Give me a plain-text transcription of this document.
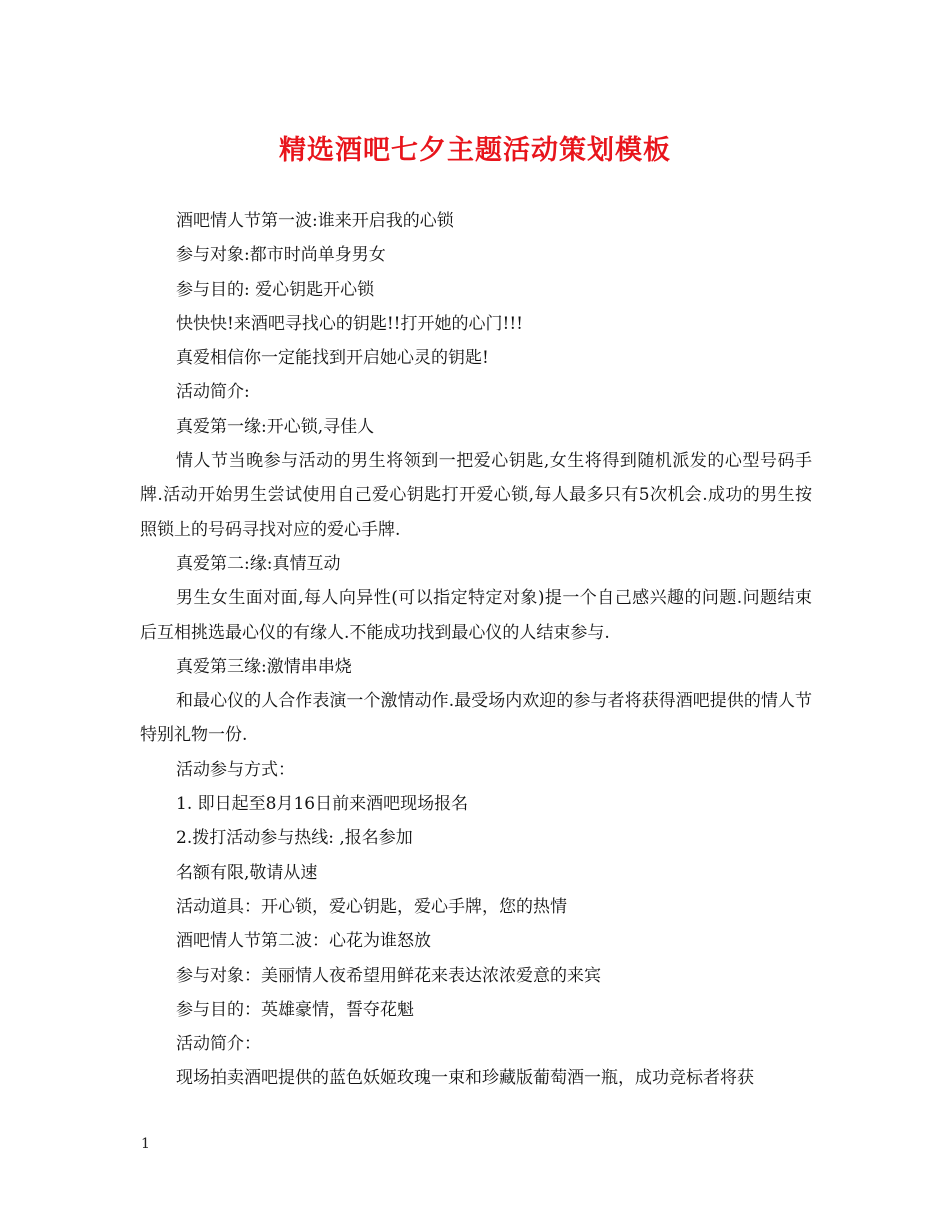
精选酒吧七夕主题活动策划模板

酒吧情人节第一波:谁来开启我的心锁

参与对象:都市时尚单身男女

参与目的: 爱心钥匙开心锁

快快快!来酒吧寻找心的钥匙!!打开她的心门!!!

真爱相信你一定能找到开启她心灵的钥匙!

活动简介:

真爱第一缘:开心锁,寻佳人

情人节当晚参与活动的男生将领到一把爱心钥匙,女生将得到随机派发的心型号码手牌.活动开始男生尝试使用自己爱心钥匙打开爱心锁,每人最多只有5次机会.成功的男生按照锁上的号码寻找对应的爱心手牌.

真爱第二:缘:真情互动

男生女生面对面,每人向异性(可以指定特定对象)提一个自己感兴趣的问题.问题结束后互相挑选最心仪的有缘人.不能成功找到最心仪的人结束参与.

真爱第三缘:激情串串烧

和最心仪的人合作表演一个激情动作.最受场内欢迎的参与者将获得酒吧提供的情人节特别礼物一份.

活动参与方式：

1. 即日起至8月16日前来酒吧现场报名

2.拨打活动参与热线: ,报名参加

名额有限,敬请从速

活动道具：开心锁，爱心钥匙，爱心手牌，您的热情

酒吧情人节第二波：心花为谁怒放

参与对象：美丽情人夜希望用鲜花来表达浓浓爱意的来宾

参与目的：英雄豪情，誓夺花魁

活动简介：

现场拍卖酒吧提供的蓝色妖姬玫瑰一束和珍藏版葡萄酒一瓶，成功竞标者将获

1
